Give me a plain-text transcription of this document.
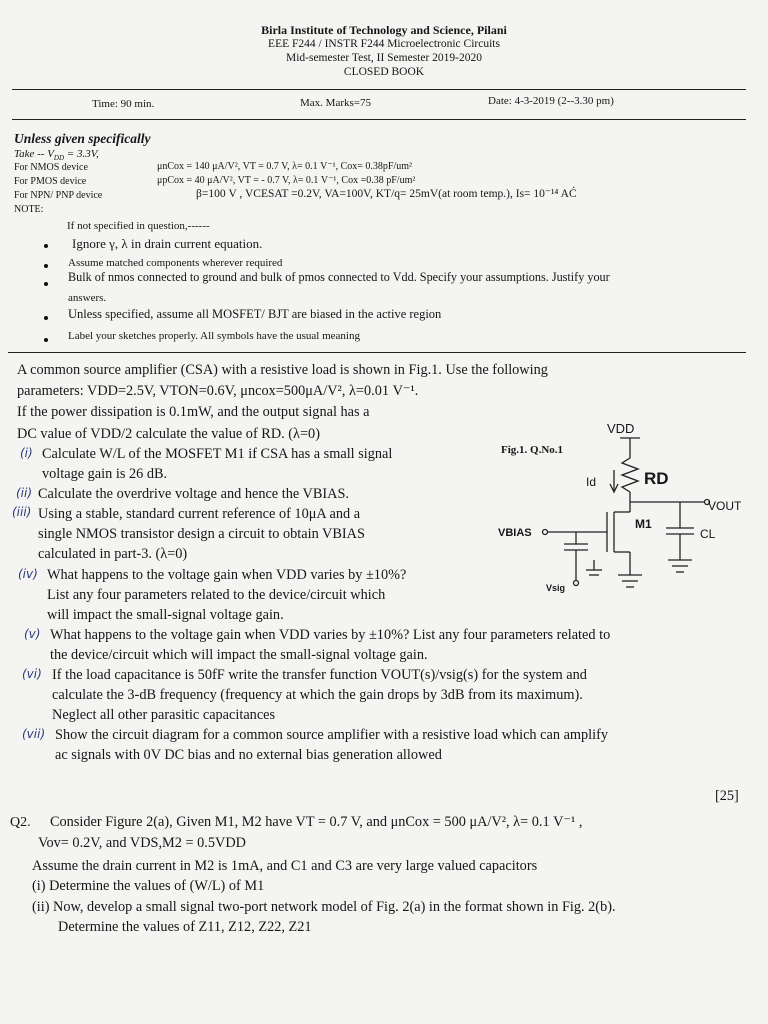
Birla Institute of Technology and Science, Pilani
EEE F244 / INSTR F244 Microelectronic Circuits
Mid-semester Test, II Semester 2019-2020
CLOSED BOOK
Time: 90 min.	Max. Marks=75	Date: 4-3-2019 (2--3.30 pm)
Unless given specifically
Take -- $V_{DD} = 3.3V$,
For NMOS device	μnCox = 140 μA/V², VT = 0.7 V, λ= 0.1 V⁻¹, Cox= 0.38pF/um²
For PMOS device	μpCox = 40 μA/V², VT = - 0.7 V, λ= 0.1 V⁻¹, Cox =0.38 pF/um²
For NPN/ PNP device	β=100 V , VCESAT =0.2V, VA=100V, KT/q= 25mV(at room temp.), Is= 10⁻¹⁴ AĆ
NOTE:
If not specified in question,------
Ignore γ, λ in drain current equation.
Assume matched components wherever required
Bulk of nmos connected to ground and bulk of pmos connected to Vdd. Specify your assumptions. Justify your
answers.
Unless specified, assume all MOSFET/ BJT are biased in the active region
Label your sketches properly. All symbols have the usual meaning
A common source amplifier (CSA) with a resistive load is shown in Fig.1. Use the following
parameters: VDD=2.5V, VTON=0.6V, μncox=500μA/V², λ=0.01 V⁻¹.
If the power dissipation is 0.1mW, and the output signal has a
DC value of VDD/2 calculate the value of RD. (λ=0)
(i) Calculate W/L of the MOSFET M1 if CSA has a small signal
voltage gain is 26 dB.
(ii) Calculate the overdrive voltage and hence the VBIAS.
(iii) Using a stable, standard current reference of 10μA and a
single NMOS transistor design a circuit to obtain VBIAS
calculated in part-3. (λ=0)
(iv) What happens to the voltage gain when VDD varies by ±10%?
List any four parameters related to the device/circuit which
will impact the small-signal voltage gain.
(v) What happens to the voltage gain when VDD varies by ±10%? List any four parameters related to
the device/circuit which will impact the small-signal voltage gain.
(vi) If the load capacitance is 50fF write the transfer function VOUT(s)/vsig(s) for the system and
calculate the 3-dB frequency (frequency at which the gain drops by 3dB from its maximum).
Neglect all other parasitic capacitances
(vii) Show the circuit diagram for a common source amplifier with a resistive load which can amplify
ac signals with 0V DC bias and no external bias generation allowed
[25]
VDD
Id	RD
VOUT
M1
CL
VBIAS
Vsig
Fig.1. Q.No.1
Q2. Consider Figure 2(a), Given M1, M2 have VT = 0.7 V, and μnCox = 500 μA/V², λ= 0.1 V⁻¹ ,
Vov= 0.2V, and VDS,M2 = 0.5VDD
Assume the drain current in M2 is 1mA, and C1 and C3 are very large valued capacitors
(i) Determine the values of (W/L) of M1
(ii) Now, develop a small signal two-port network model of Fig. 2(a) in the format shown in Fig. 2(b).
Determine the values of Z11, Z12, Z22, Z21
